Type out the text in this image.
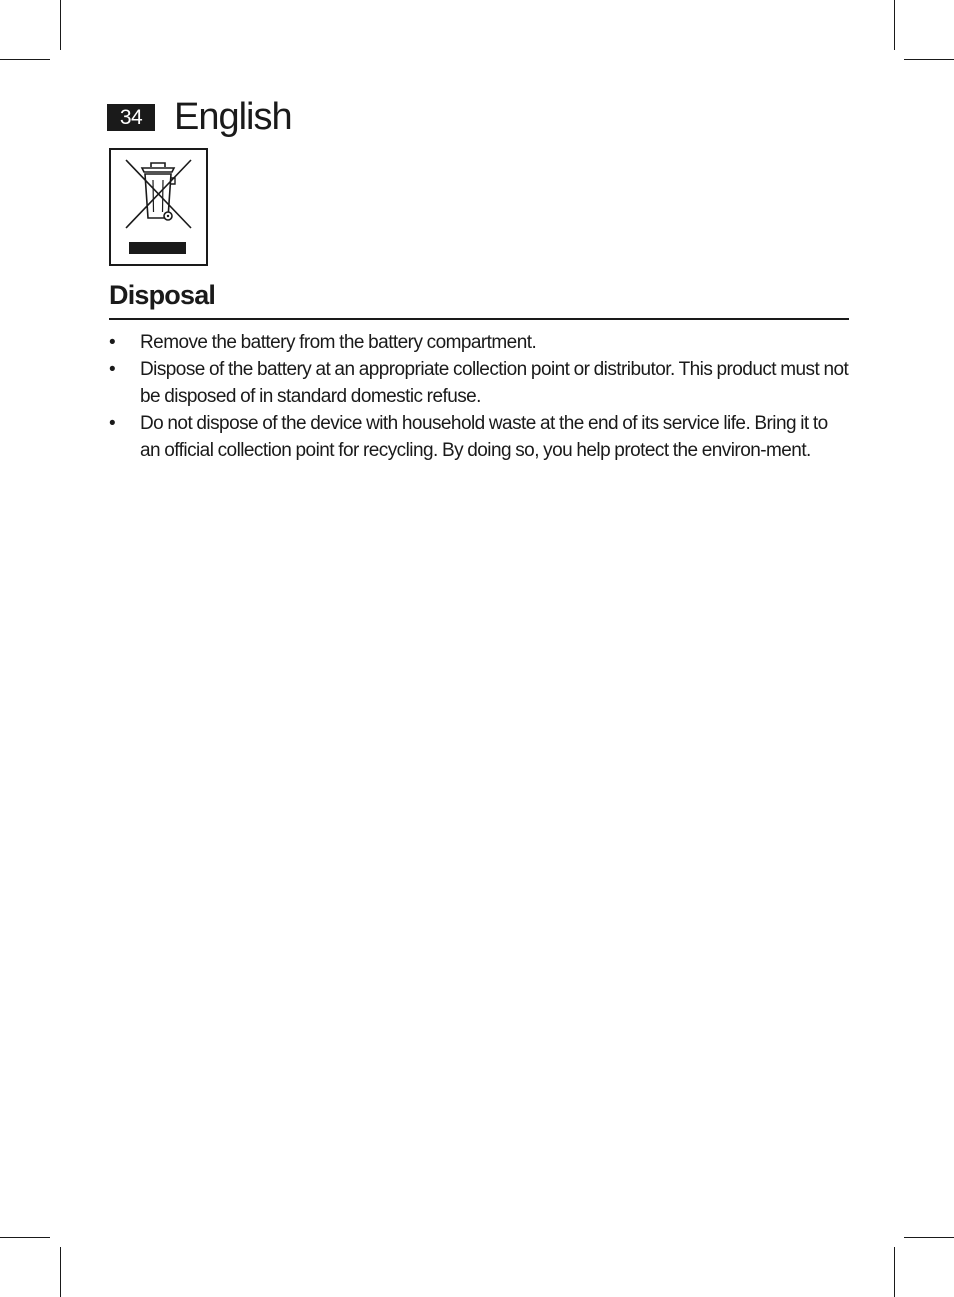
34 English
Disposal
•	Remove the battery from the battery compartment.
•	Dispose of the battery at an appropriate collection point or distributor. This product must not be disposed of in standard domestic refuse.
•	Do not dispose of the device with household waste at the end of its service life. Bring it to an official collection point for recycling. By doing so, you help protect the environ-ment.
